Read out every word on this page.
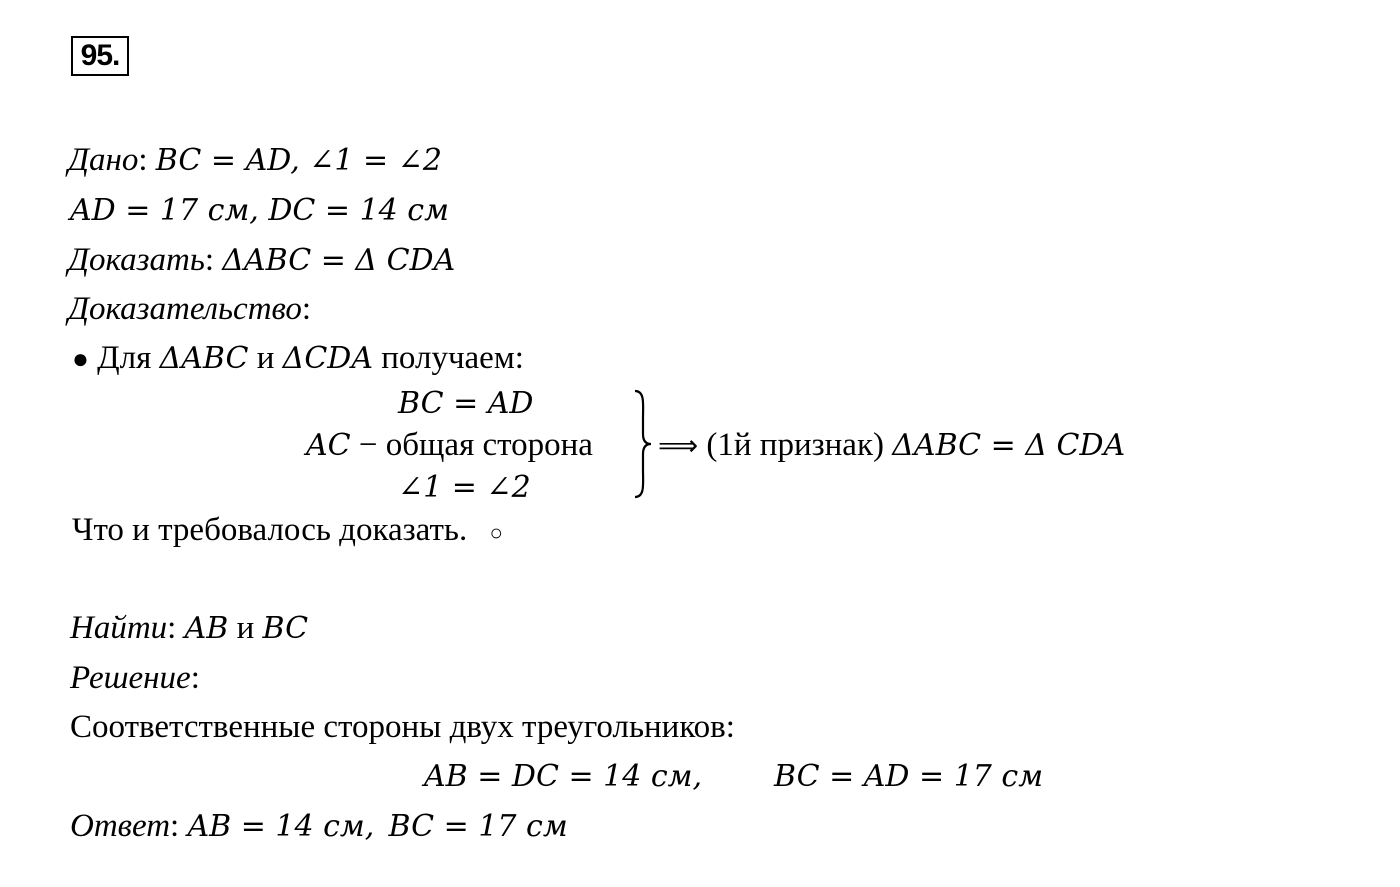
95.
Дано: BC = AD, ∠1 = ∠2
AD = 17 см, DC = 14 см
Доказать: ΔABC = Δ CDA
Доказательство:
● Для ΔABC и ΔCDA получаем:
BC = AD
AC − общая сторона
∠1 = ∠2
⟹ (1й признак) ΔABC = Δ CDA
Что и требовалось доказать. ○
Найти: AB и BC
Решение:
Соответственные стороны двух треугольников:
AB = DC = 14 см, BC = AD = 17 см
Ответ: AB = 14 см, BC = 17 см
